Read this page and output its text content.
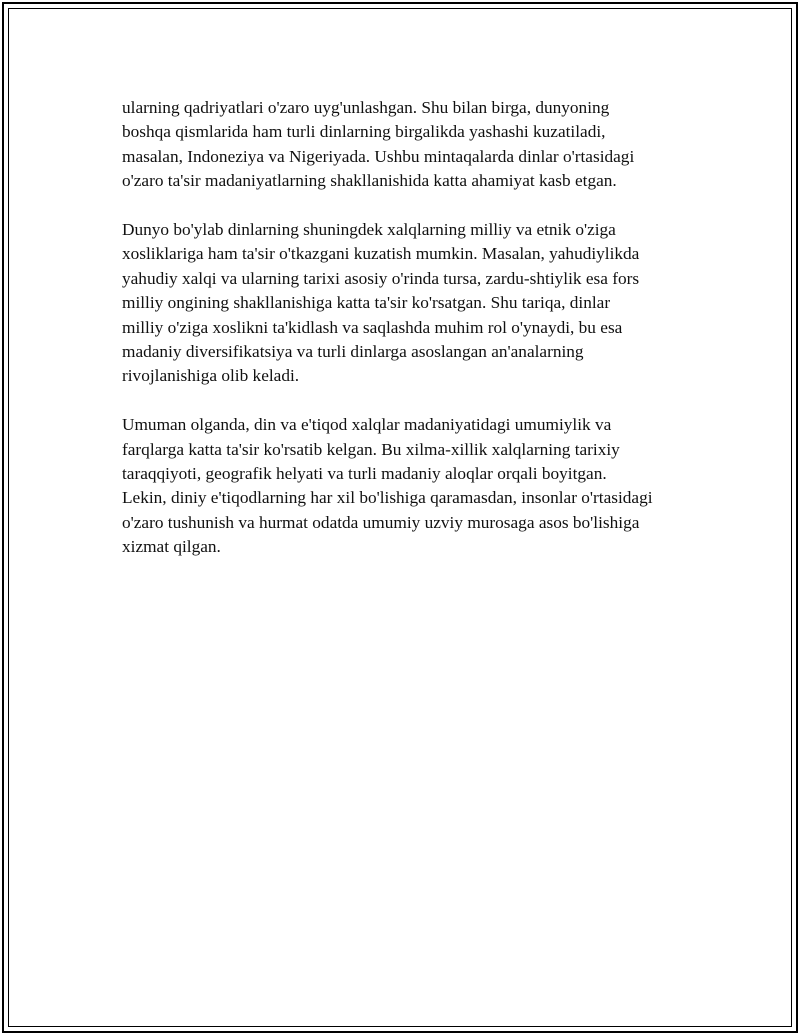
ularning qadriyatlari o'zaro uyg'unlashgan. Shu bilan birga, dunyoning
boshqa qismlarida ham turli dinlarning birgalikda yashashi kuzatiladi,
masalan, Indoneziya va Nigeriyada. Ushbu mintaqalarda dinlar o'rtasidagi
o'zaro ta'sir madaniyatlarning shakllanishida katta ahamiyat kasb etgan.

Dunyo bo'ylab dinlarning shuningdek xalqlarning milliy va etnik o'ziga
xosliklariga ham ta'sir o'tkazgani kuzatish mumkin. Masalan, yahudiylikda
yahudiy xalqi va ularning tarixi asosiy o'rinda tursa, zardu-shtiylik esa fors
milliy ongining shakllanishiga katta ta'sir ko'rsatgan. Shu tariqa, dinlar
milliy o'ziga xoslikni ta'kidlash va saqlashda muhim rol o'ynaydi, bu esa
madaniy diversifikatsiya va turli dinlarga asoslangan an'analarning
rivojlanishiga olib keladi.

Umuman olganda, din va e'tiqod xalqlar madaniyatidagi umumiylik va
farqlarga katta ta'sir ko'rsatib kelgan. Bu xilma-xillik xalqlarning tarixiy
taraqqiyoti, geografik helyati va turli madaniy aloqlar orqali boyitgan.
Lekin, diniy e'tiqodlarning har xil bo'lishiga qaramasdan, insonlar o'rtasidagi
o'zaro tushunish va hurmat odatda umumiy uzviy murosaga asos bo'lishiga
xizmat qilgan.
